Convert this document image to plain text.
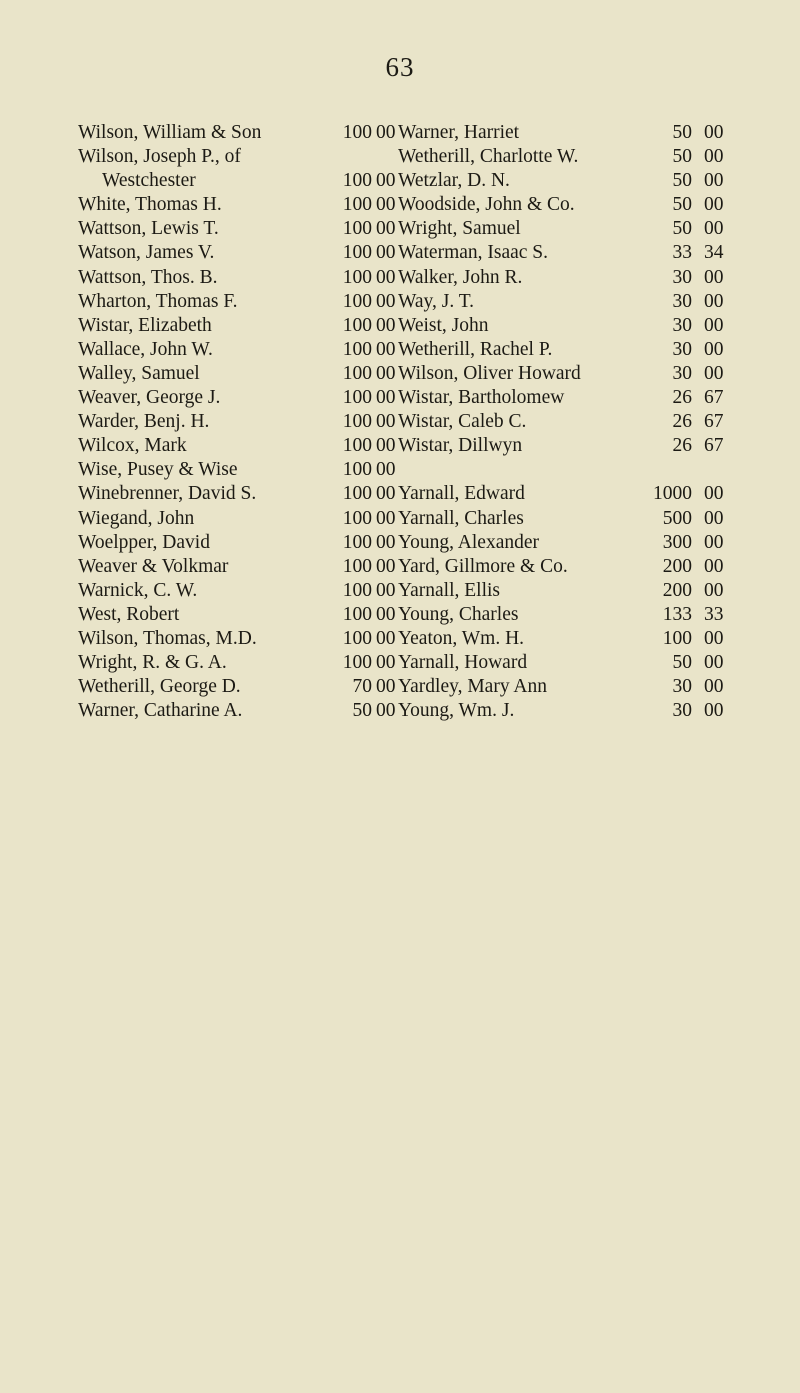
63
Wilson, William & Son	100 00
Wilson, Joseph P., of
Westchester	100 00
White, Thomas H.	100 00
Wattson, Lewis T.	100 00
Watson, James V.	100 00
Wattson, Thos. B.	100 00
Wharton, Thomas F.	100 00
Wistar, Elizabeth	100 00
Wallace, John W.	100 00
Walley, Samuel	100 00
Weaver, George J.	100 00
Warder, Benj. H.	100 00
Wilcox, Mark	100 00
Wise, Pusey & Wise	100 00
Winebrenner, David S.	100 00
Wiegand, John	100 00
Woelpper, David	100 00
Weaver & Volkmar	100 00
Warnick, C. W.	100 00
West, Robert	100 00
Wilson, Thomas, M.D.	100 00
Wright, R. & G. A.	100 00
Wetherill, George D.	70 00
Warner, Catharine A.	50 00
Warner, Harriet	50 00
Wetherill, Charlotte W.	50 00
Wetzlar, D. N.	50 00
Woodside, John & Co.	50 00
Wright, Samuel	50 00
Waterman, Isaac S.	33 34
Walker, John R.	30 00
Way, J. T.	30 00
Weist, John	30 00
Wetherill, Rachel P.	30 00
Wilson, Oliver Howard	30 00
Wistar, Bartholomew	26 67
Wistar, Caleb C.	26 67
Wistar, Dillwyn	26 67
Yarnall, Edward	1000 00
Yarnall, Charles	500 00
Young, Alexander	300 00
Yard, Gillmore & Co.	200 00
Yarnall, Ellis	200 00
Young, Charles	133 33
Yeaton, Wm. H.	100 00
Yarnall, Howard	50 00
Yardley, Mary Ann	30 00
Young, Wm. J.	30 00
